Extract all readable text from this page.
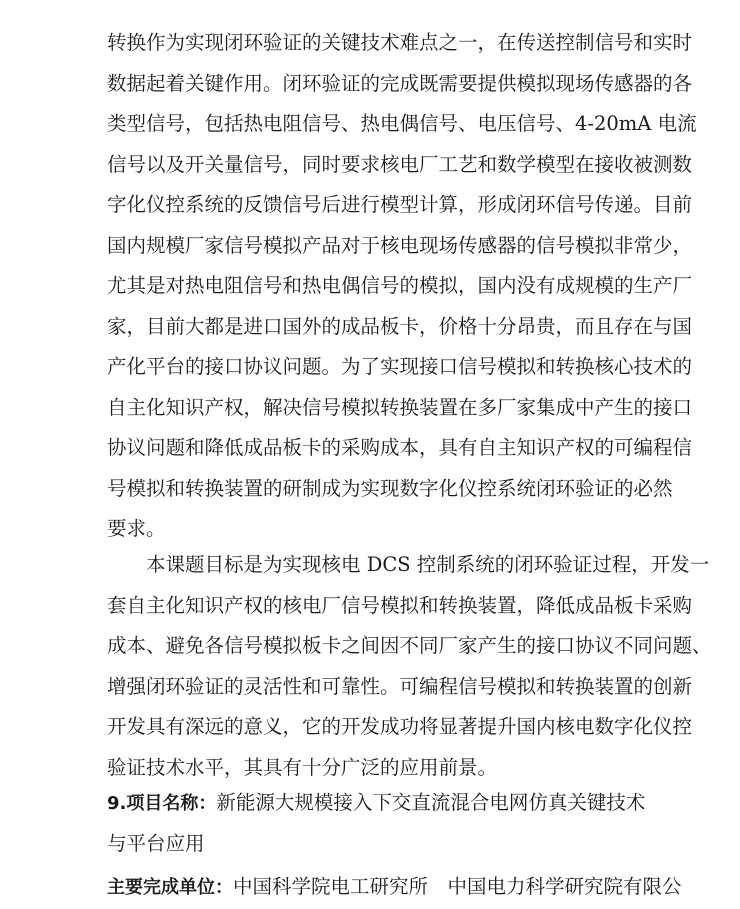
转换作为实现闭环验证的关键技术难点之一，在传送控制信号和实时
数据起着关键作用。闭环验证的完成既需要提供模拟现场传感器的各
类型信号，包括热电阻信号、热电偶信号、电压信号、4-20mA 电流
信号以及开关量信号，同时要求核电厂工艺和数学模型在接收被测数
字化仪控系统的反馈信号后进行模型计算，形成闭环信号传递。目前
国内规模厂家信号模拟产品对于核电现场传感器的信号模拟非常少，
尤其是对热电阻信号和热电偶信号的模拟，国内没有成规模的生产厂
家，目前大都是进口国外的成品板卡，价格十分昂贵，而且存在与国
产化平台的接口协议问题。为了实现接口信号模拟和转换核心技术的
自主化知识产权，解决信号模拟转换装置在多厂家集成中产生的接口
协议问题和降低成品板卡的采购成本，具有自主知识产权的可编程信
号模拟和转换装置的研制成为实现数字化仪控系统闭环验证的必然
要求。
本课题目标是为实现核电 DCS 控制系统的闭环验证过程，开发一
套自主化知识产权的核电厂信号模拟和转换装置，降低成品板卡采购
成本、避免各信号模拟板卡之间因不同厂家产生的接口协议不同问题、
增强闭环验证的灵活性和可靠性。可编程信号模拟和转换装置的创新
开发具有深远的意义，它的开发成功将显著提升国内核电数字化仪控
验证技术水平，其具有十分广泛的应用前景。
9.项目名称：新能源大规模接入下交直流混合电网仿真关键技术
与平台应用
主要完成单位：中国科学院电工研究所　中国电力科学研究院有限公
